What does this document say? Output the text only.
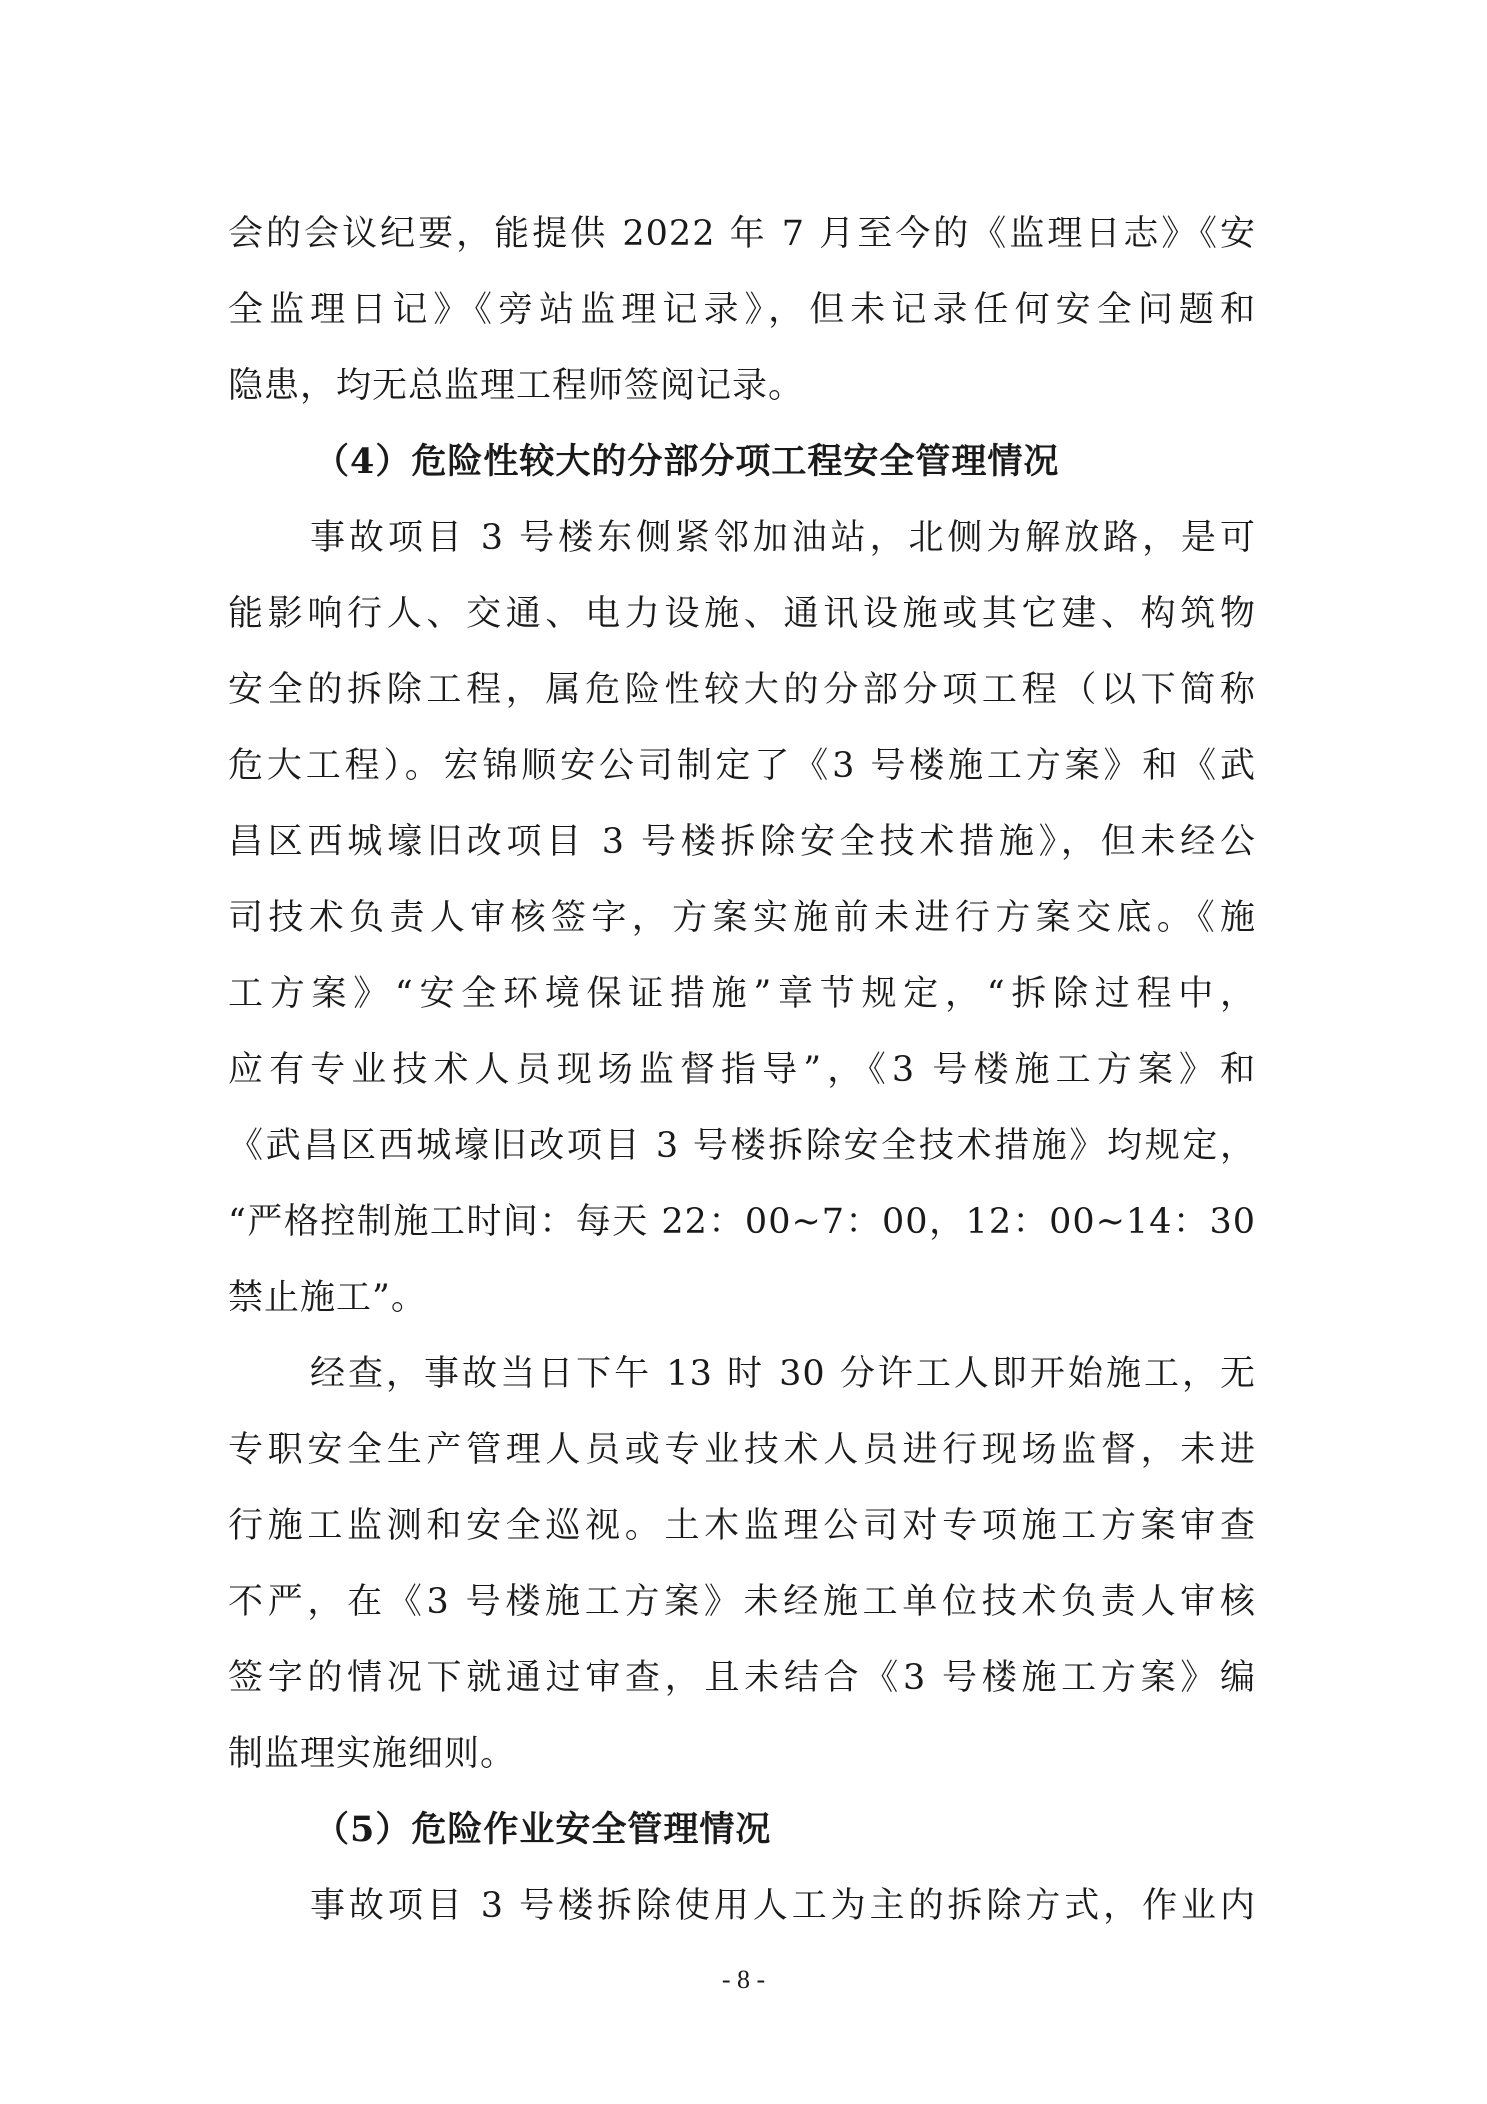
会的会议纪要，能提供 2022 年 7 月至今的《监理日志》《安
全监理日记》《旁站监理记录》，但未记录任何安全问题和
隐患，均无总监理工程师签阅记录。
（4）危险性较大的分部分项工程安全管理情况
事故项目 3 号楼东侧紧邻加油站，北侧为解放路，是可
能影响行人、交通、电力设施、通讯设施或其它建、构筑物
安全的拆除工程，属危险性较大的分部分项工程（以下简称
危大工程）。宏锦顺安公司制定了《3 号楼施工方案》和《武
昌区西城壕旧改项目 3 号楼拆除安全技术措施》，但未经公
司技术负责人审核签字，方案实施前未进行方案交底。《施
工方案》“安全环境保证措施”章节规定，“拆除过程中，
应有专业技术人员现场监督指导”，《3 号楼施工方案》和
《武昌区西城壕旧改项目 3 号楼拆除安全技术措施》均规定，
“严格控制施工时间：每天 22：00~7：00，12：00~14：30
禁止施工”。
经查，事故当日下午 13 时 30 分许工人即开始施工，无
专职安全生产管理人员或专业技术人员进行现场监督，未进
行施工监测和安全巡视。土木监理公司对专项施工方案审查
不严，在《3 号楼施工方案》未经施工单位技术负责人审核
签字的情况下就通过审查，且未结合《3 号楼施工方案》编
制监理实施细则。
（5）危险作业安全管理情况
事故项目 3 号楼拆除使用人工为主的拆除方式，作业内
- 8 -
